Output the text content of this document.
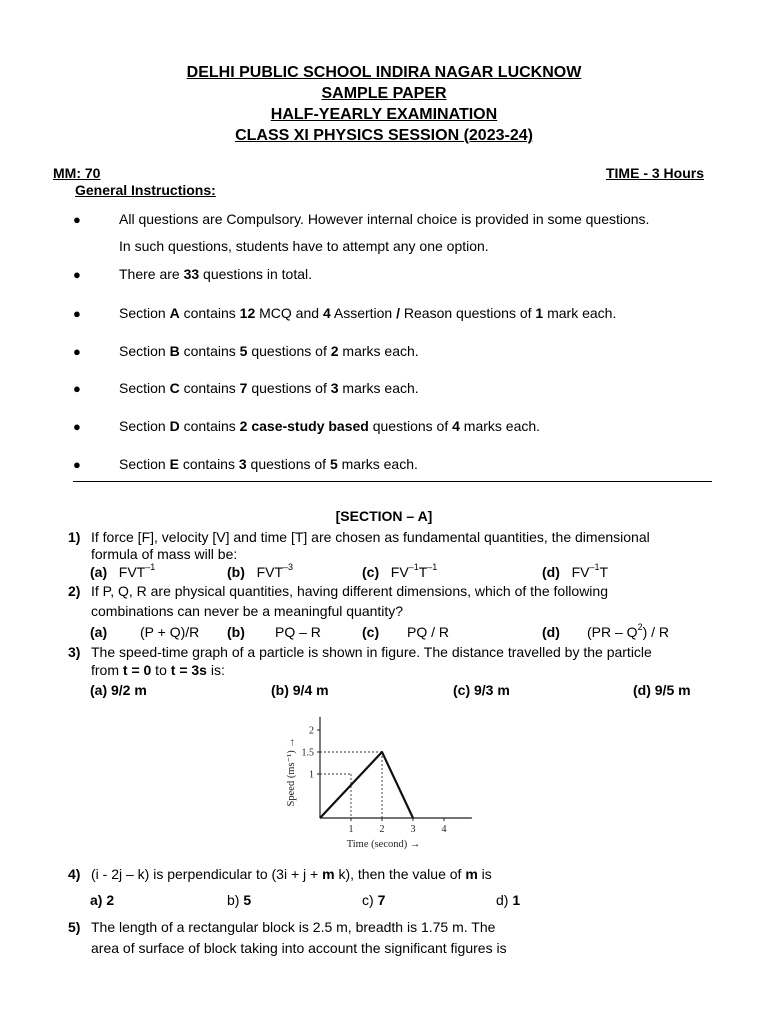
DELHI PUBLIC SCHOOL INDIRA NAGAR LUCKNOW
SAMPLE PAPER
HALF-YEARLY EXAMINATION
CLASS XI PHYSICS SESSION (2023-24)
MM: 70	TIME - 3 Hours
General Instructions:
●	All questions are Compulsory. However internal choice is provided in some questions.
In such questions, students have to attempt any one option.
●	There are 33 questions in total.
●	Section A contains 12 MCQ and 4 Assertion / Reason questions of 1 mark each.
●	Section B contains 5 questions of 2 marks each.
●	Section C contains 7 questions of 3 marks each.
●	Section D contains 2 case-study based questions of 4 marks each.
●	Section E contains 3 questions of 5 marks each.
[SECTION – A]
1) If force [F], velocity [V] and time [T] are chosen as fundamental quantities, the dimensional
formula of mass will be:
(a) $FVT^{-1}$	(b) $FVT^{-3}$	(c) $FV^{-1}T^{-1}$	(d) $FV^{-1}T$
2) If P, Q, R are physical quantities, having different dimensions, which of the following
combinations can never be a meaningful quantity?
(a) (P + Q)/R (b) PQ – R	(c) PQ / R	(d) $(PR - Q^2)$ / R
3) The speed-time graph of a particle is shown in figure. The distance travelled by the particle
from t = 0 to t = 3s is:
(a) 9/2 m	(b) 9/4 m	(c) 9/3 m	(d) 9/5 m
1
1.5
2
1	2	3	4
Time (second) →
Speed (ms⁻¹) →
4) (i - 2j – k) is perpendicular to (3i + j + m k), then the value of m is
a) 2	b) 5	c) 7	d) 1
5) The length of a rectangular block is 2.5 m, breadth is 1.75 m. The
area of surface of block taking into account the significant figures is
